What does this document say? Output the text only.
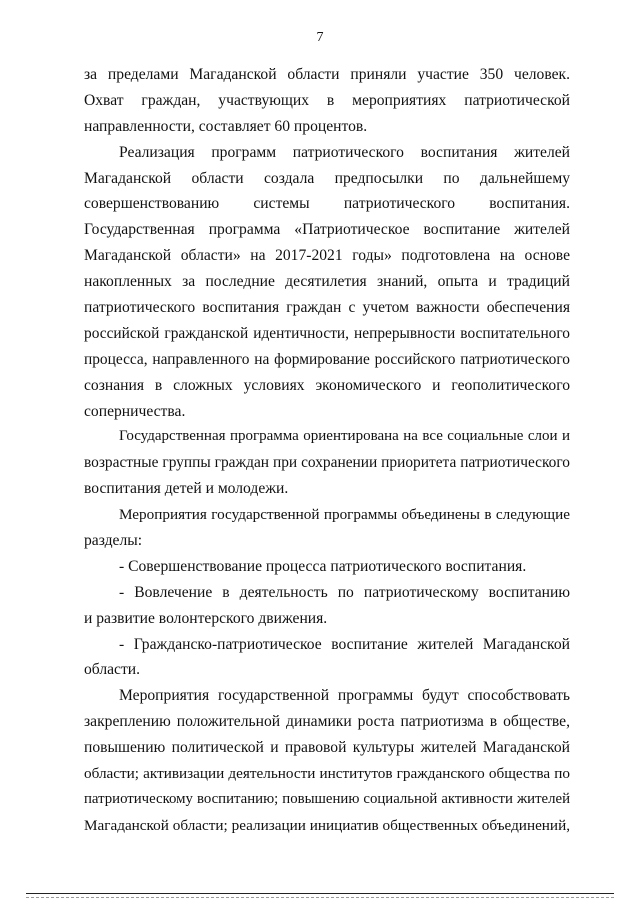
7
за пределами Магаданской области приняли участие 350 человек.
Охват граждан, участвующих в мероприятиях патриотической
направленности, составляет 60 процентов.
Реализация программ патриотического воспитания жителей
Магаданской области создала предпосылки по дальнейшему
совершенствованию системы патриотического воспитания.
Государственная программа «Патриотическое воспитание жителей
Магаданской области» на 2017-2021 годы» подготовлена на основе
накопленных за последние десятилетия знаний, опыта и традиций
патриотического воспитания граждан с учетом важности обеспечения
российской гражданской идентичности, непрерывности воспитательного
процесса, направленного на формирование российского патриотического
сознания в сложных условиях экономического и геополитического
соперничества.
Государственная программа ориентирована на все социальные слои и
возрастные группы граждан при сохранении приоритета патриотического
воспитания детей и молодежи.
Мероприятия государственной программы объединены в следующие
разделы:
- Совершенствование процесса патриотического воспитания.
- Вовлечение в деятельность по патриотическому воспитанию
и развитие волонтерского движения.
- Гражданско-патриотическое воспитание жителей Магаданской
области.
Мероприятия государственной программы будут способствовать
закреплению положительной динамики роста патриотизма в обществе,
повышению политической и правовой культуры жителей Магаданской
области; активизации деятельности институтов гражданского общества по
патриотическому воспитанию; повышению социальной активности жителей
Магаданской области; реализации инициатив общественных объединений,
